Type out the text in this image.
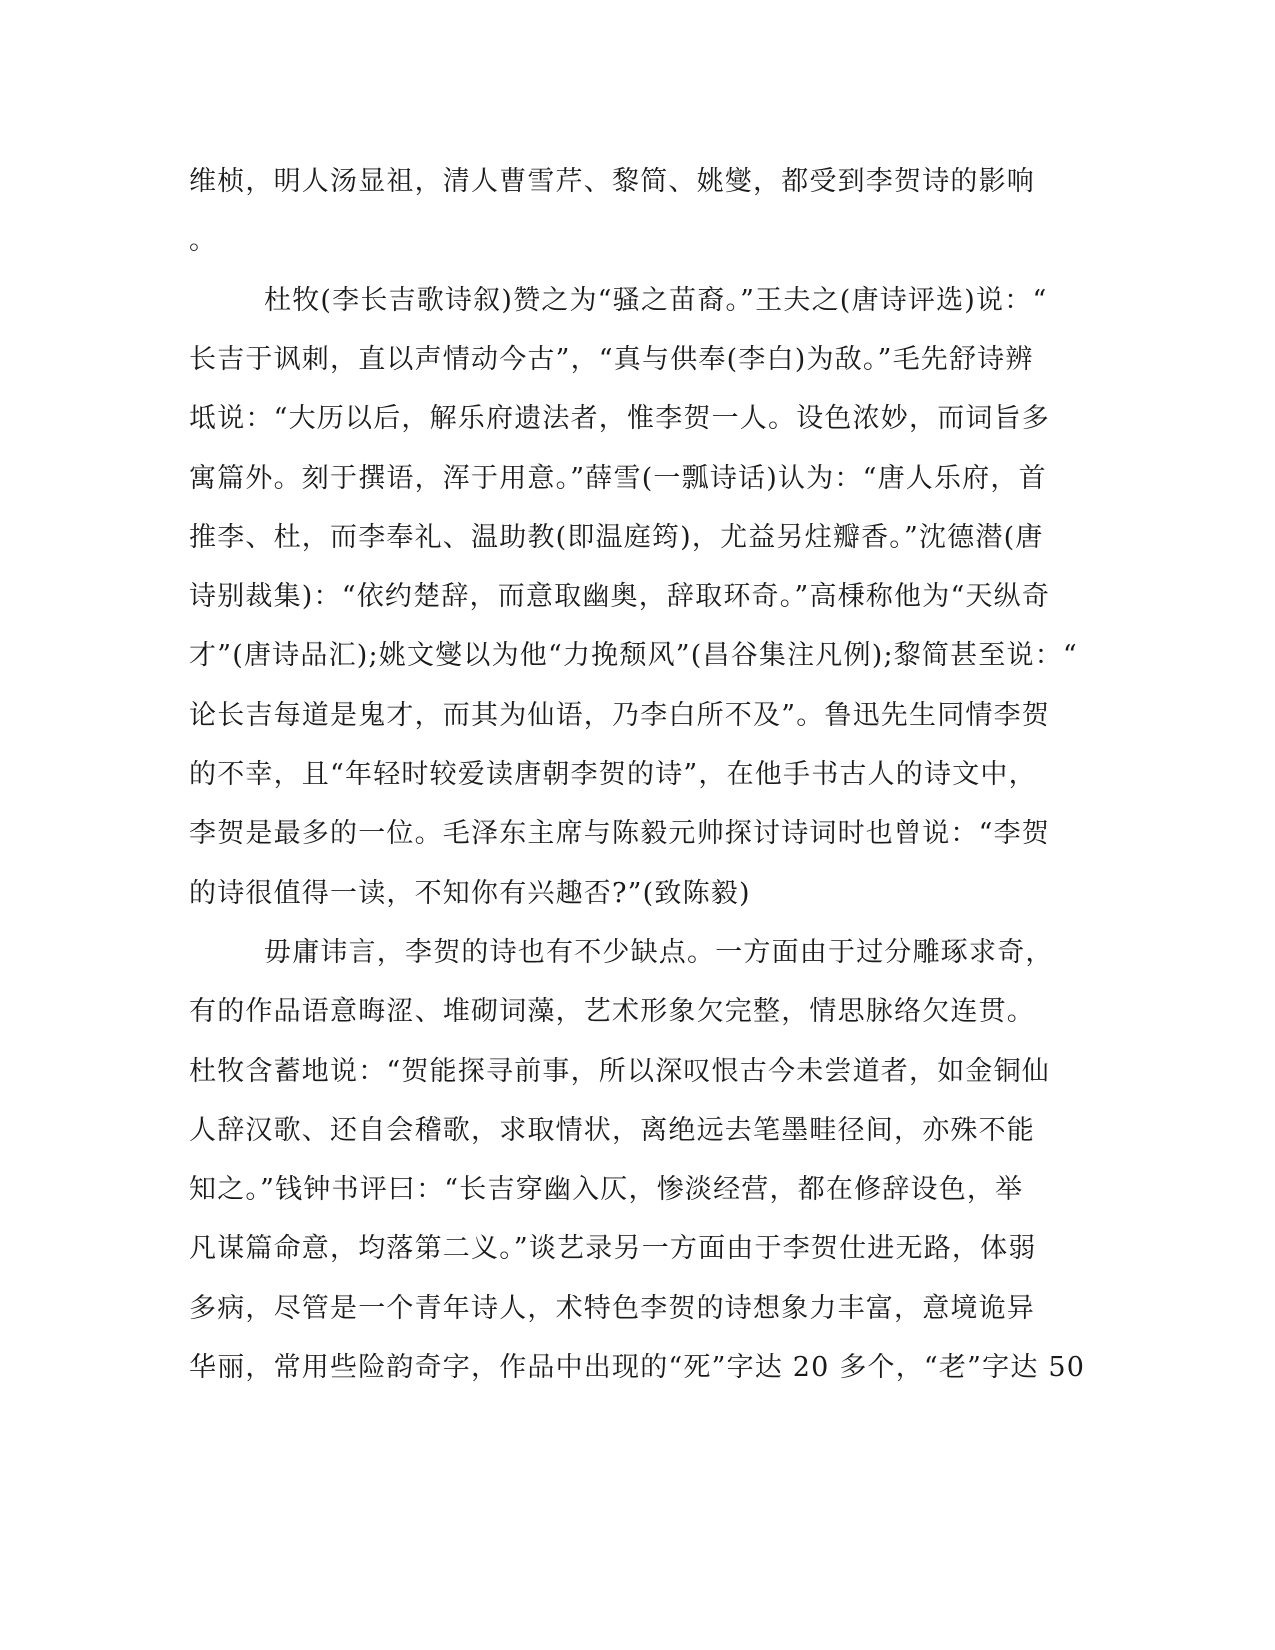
维桢，明人汤显祖，清人曹雪芹、黎简、姚燮，都受到李贺诗的影响
。
杜牧(李长吉歌诗叙)赞之为“骚之苗裔。”王夫之(唐诗评选)说：“
长吉于讽刺，直以声情动今古”，“真与供奉(李白)为敌。”毛先舒诗辨
坻说：“大历以后，解乐府遗法者，惟李贺一人。设色浓妙，而词旨多
寓篇外。刻于撰语，浑于用意。”薛雪(一瓢诗话)认为：“唐人乐府，首
推李、杜，而李奉礼、温助教(即温庭筠)，尤益另炷瓣香。”沈德潜(唐
诗别裁集)：“依约楚辞，而意取幽奥，辞取环奇。”高棅称他为“天纵奇
才”(唐诗品汇);姚文燮以为他“力挽颓风”(昌谷集注凡例);黎简甚至说：“
论长吉每道是鬼才，而其为仙语，乃李白所不及”。鲁迅先生同情李贺
的不幸，且“年轻时较爱读唐朝李贺的诗”，在他手书古人的诗文中，
李贺是最多的一位。毛泽东主席与陈毅元帅探讨诗词时也曾说：“李贺
的诗很值得一读，不知你有兴趣否?”(致陈毅)
毋庸讳言，李贺的诗也有不少缺点。一方面由于过分雕琢求奇，
有的作品语意晦涩、堆砌词藻，艺术形象欠完整，情思脉络欠连贯。
杜牧含蓄地说：“贺能探寻前事，所以深叹恨古今未尝道者，如金铜仙
人辞汉歌、还自会稽歌，求取情状，离绝远去笔墨畦径间，亦殊不能
知之。”钱钟书评曰：“长吉穿幽入仄，惨淡经营，都在修辞设色，举
凡谋篇命意，均落第二义。”谈艺录另一方面由于李贺仕进无路，体弱
多病，尽管是一个青年诗人，术特色李贺的诗想象力丰富，意境诡异
华丽，常用些险韵奇字，作品中出现的“死”字达 20 多个，“老”字达 50
